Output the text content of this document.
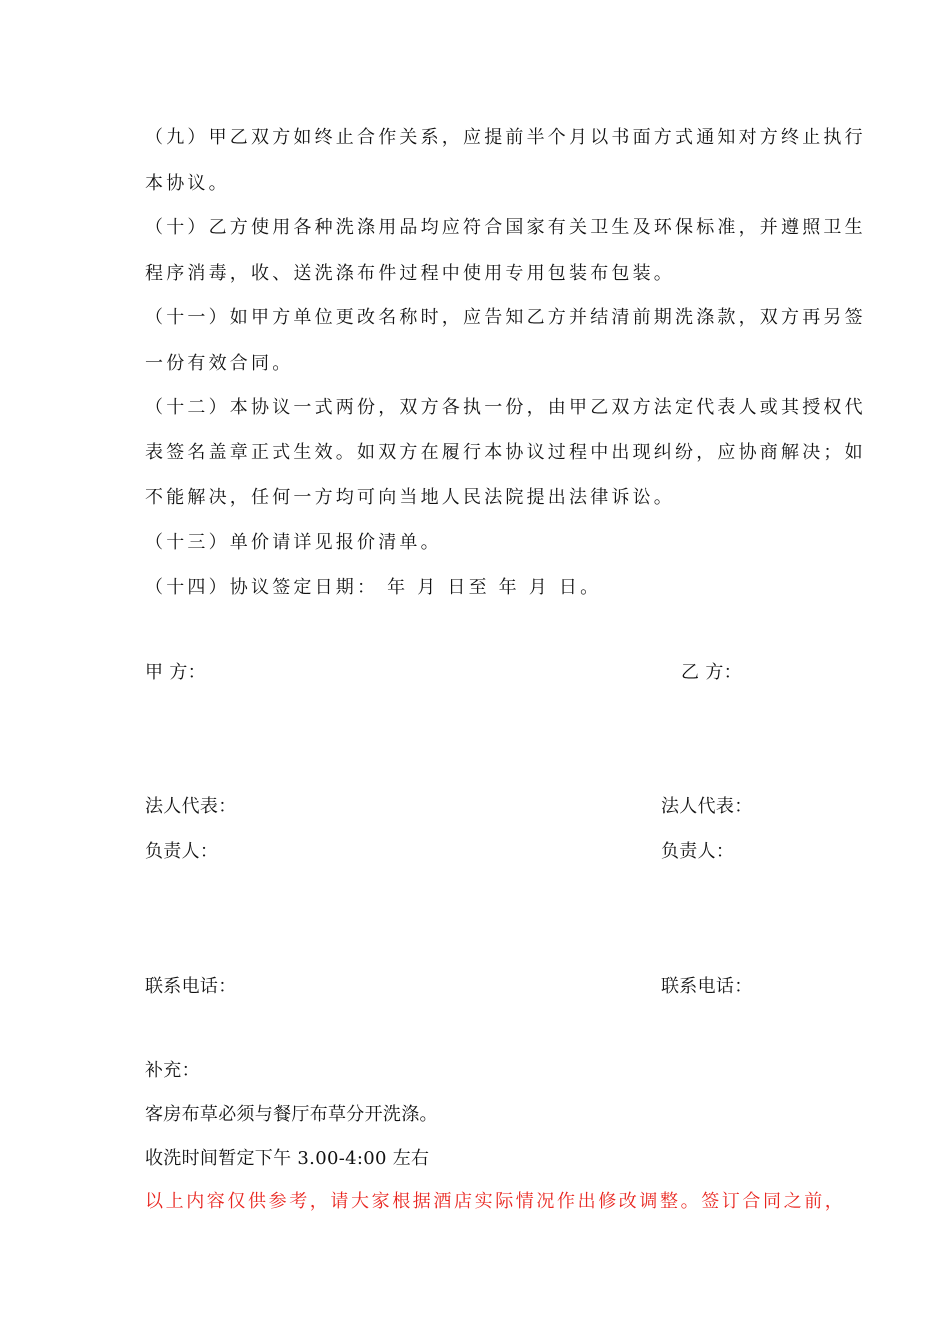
（九）甲乙双方如终止合作关系，应提前半个月以书面方式通知对方终止执行
本协议。
（十）乙方使用各种洗涤用品均应符合国家有关卫生及环保标准，并遵照卫生
程序消毒，收、送洗涤布件过程中使用专用包装布包装。
（十一）如甲方单位更改名称时，应告知乙方并结清前期洗涤款，双方再另签
一份有效合同。
（十二）本协议一式两份，双方各执一份，由甲乙双方法定代表人或其授权代
表签名盖章正式生效。如双方在履行本协议过程中出现纠纷，应协商解决；如
不能解决，任何一方均可向当地人民法院提出法律诉讼。
（十三）单价请详见报价清单。
（十四）协议签定日期： 年 月 日至 年 月 日。
甲 方：	乙 方：
法人代表：	法人代表：
负责人：	负责人：
联系电话：	联系电话：
补充：
客房布草必须与餐厅布草分开洗涤。
收洗时间暂定下午 3.00-4:00 左右
以上内容仅供参考，请大家根据酒店实际情况作出修改调整。签订合同之前，
